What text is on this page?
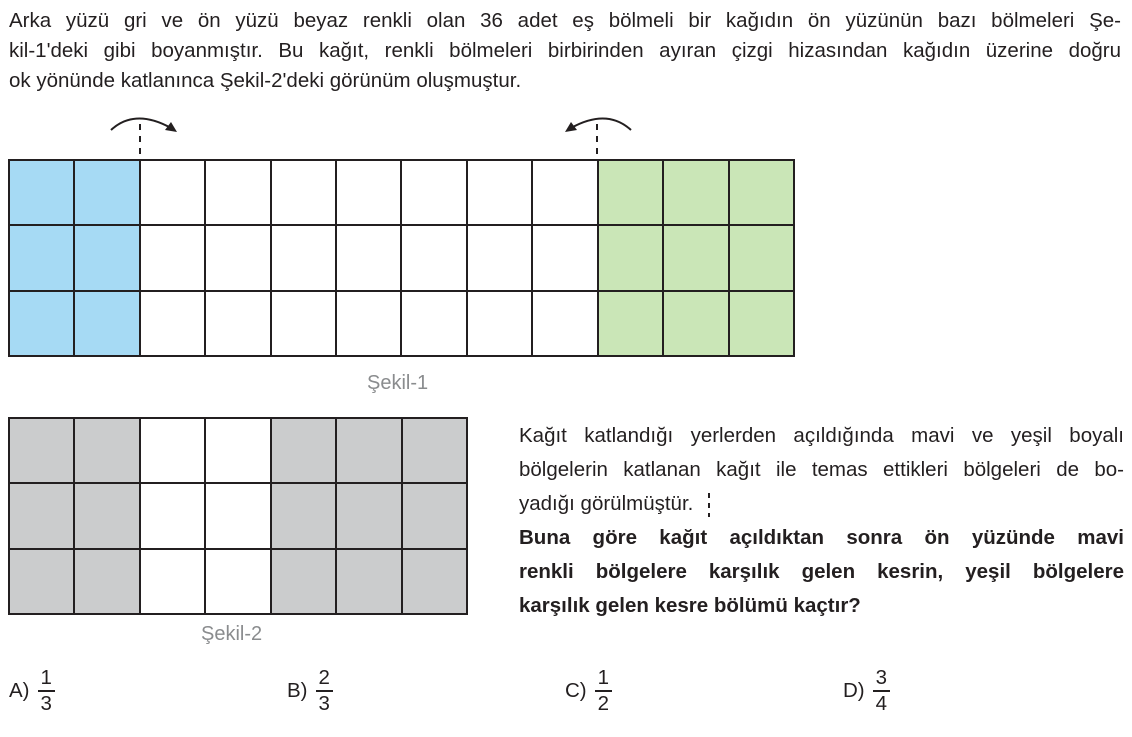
Arka yüzü gri ve ön yüzü beyaz renkli olan 36 adet eş bölmeli bir kağıdın ön yüzünün bazı bölmeleri Şe-
kil-1'deki gibi boyanmıştır. Bu kağıt, renkli bölmeleri birbirinden ayıran çizgi hizasından kağıdın üzerine doğru
ok yönünde katlanınca Şekil-2'deki görünüm oluşmuştur.

Şekil-1
Şekil-2
Kağıt katlandığı yerlerden açıldığında mavi ve yeşil boyalı
bölgelerin katlanan kağıt ile temas ettikleri bölgeleri de bo-
yadığı görülmüştür.
Buna göre kağıt açıldıktan sonra ön yüzünde mavi
renkli bölgelere karşılık gelen kesrin, yeşil bölgelere
karşılık gelen kesre bölümü kaçtır?
$A) \frac{1}{3}$	$B) \frac{2}{3}$	$C) \frac{1}{2}$	$D) \frac{3}{4}$
